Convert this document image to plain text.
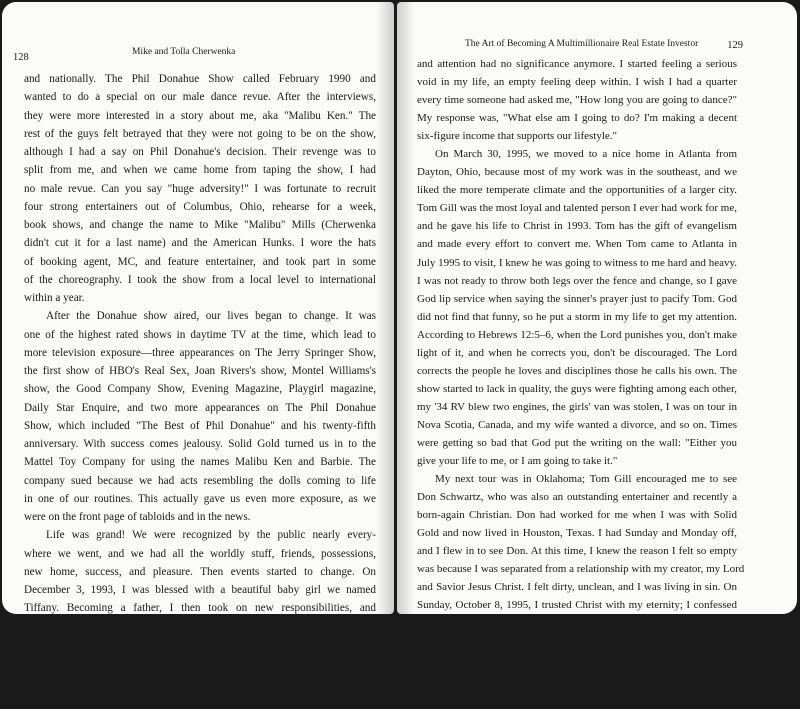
128	Mike and Tolla Cherwenka
and nationally. The Phil Donahue Show called February 1990 and
wanted to do a special on our male dance revue. After the interviews,
they were more interested in a story about me, aka "Malibu Ken." The
rest of the guys felt betrayed that they were not going to be on the show,
although I had a say on Phil Donahue's decision. Their revenge was to
split from me, and when we came home from taping the show, I had
no male revue. Can you say "huge adversity!" I was fortunate to recruit
four strong entertainers out of Columbus, Ohio, rehearse for a week,
book shows, and change the name to Mike "Malibu" Mills (Cherwenka
didn't cut it for a last name) and the American Hunks. I wore the hats
of booking agent, MC, and feature entertainer, and took part in some
of the choreography. I took the show from a local level to international
within a year.
After the Donahue show aired, our lives began to change. It was
one of the highest rated shows in daytime TV at the time, which lead to
more television exposure—three appearances on The Jerry Springer Show,
the first show of HBO's Real Sex, Joan Rivers's show, Montel Williams's
show, the Good Company Show, Evening Magazine, Playgirl magazine,
Daily Star Enquire, and two more appearances on The Phil Donahue
Show, which included "The Best of Phil Donahue" and his twenty-fifth
anniversary. With success comes jealousy. Solid Gold turned us in to the
Mattel Toy Company for using the names Malibu Ken and Barbie. The
company sued because we had acts resembling the dolls coming to life
in one of our routines. This actually gave us even more exposure, as we
were on the front page of tabloids and in the news.
Life was grand! We were recognized by the public nearly every-
where we went, and we had all the worldly stuff, friends, possessions,
new home, success, and pleasure. Then events started to change. On
December 3, 1993, I was blessed with a beautiful baby girl we named
Tiffany. Becoming a father, I then took on new responsibilities, and
my outlook on life changed. I was not the model father you read about
in parenting magazines. My schedule consisted of being out of town
three out of four weeks of the month, and when I was home, I spent ten
hours a day in the office booking shows. I provided well for my family,
but that's about it. What I did for a living was a business, and the fame
The Art of Becoming A Multimillionaire Real Estate Investor	129
and attention had no significance anymore. I started feeling a serious
void in my life, an empty feeling deep within. I wish I had a quarter
every time someone had asked me, "How long you are going to dance?"
My response was, "What else am I going to do? I'm making a decent
six-figure income that supports our lifestyle."
On March 30, 1995, we moved to a nice home in Atlanta from
Dayton, Ohio, because most of my work was in the southeast, and we
liked the more temperate climate and the opportunities of a larger city.
Tom Gill was the most loyal and talented person I ever had work for me,
and he gave his life to Christ in 1993. Tom has the gift of evangelism
and made every effort to convert me. When Tom came to Atlanta in
July 1995 to visit, I knew he was going to witness to me hard and heavy.
I was not ready to throw both legs over the fence and change, so I gave
God lip service when saying the sinner's prayer just to pacify Tom. God
did not find that funny, so he put a storm in my life to get my attention.
According to Hebrews 12:5–6, when the Lord punishes you, don't make
light of it, and when he corrects you, don't be discouraged. The Lord
corrects the people he loves and disciplines those he calls his own. The
show started to lack in quality, the guys were fighting among each other,
my '34 RV blew two engines, the girls' van was stolen, I was on tour in
Nova Scotia, Canada, and my wife wanted a divorce, and so on. Times
were getting so bad that God put the writing on the wall: "Either you
give your life to me, or I am going to take it."
My next tour was in Oklahoma; Tom Gill encouraged me to see
Don Schwartz, who was also an outstanding entertainer and recently a
born-again Christian. Don had worked for me when I was with Solid
Gold and now lived in Houston, Texas. I had Sunday and Monday off,
and I flew in to see Don. At this time, I knew the reason I felt so empty
was because I was separated from a relationship with my creator, my Lord
and Savior Jesus Christ. I felt dirty, unclean, and I was living in sin. On
Sunday, October 8, 1995, I trusted Christ with my eternity; I confessed
that I was a lost sinner, asked for forgiveness, and thanked God for send-
ing his son to die for my sin debt. "For all have sinned and fall short of
the glory of God" (Romans 3:23). I wanted my life to now glorify my
